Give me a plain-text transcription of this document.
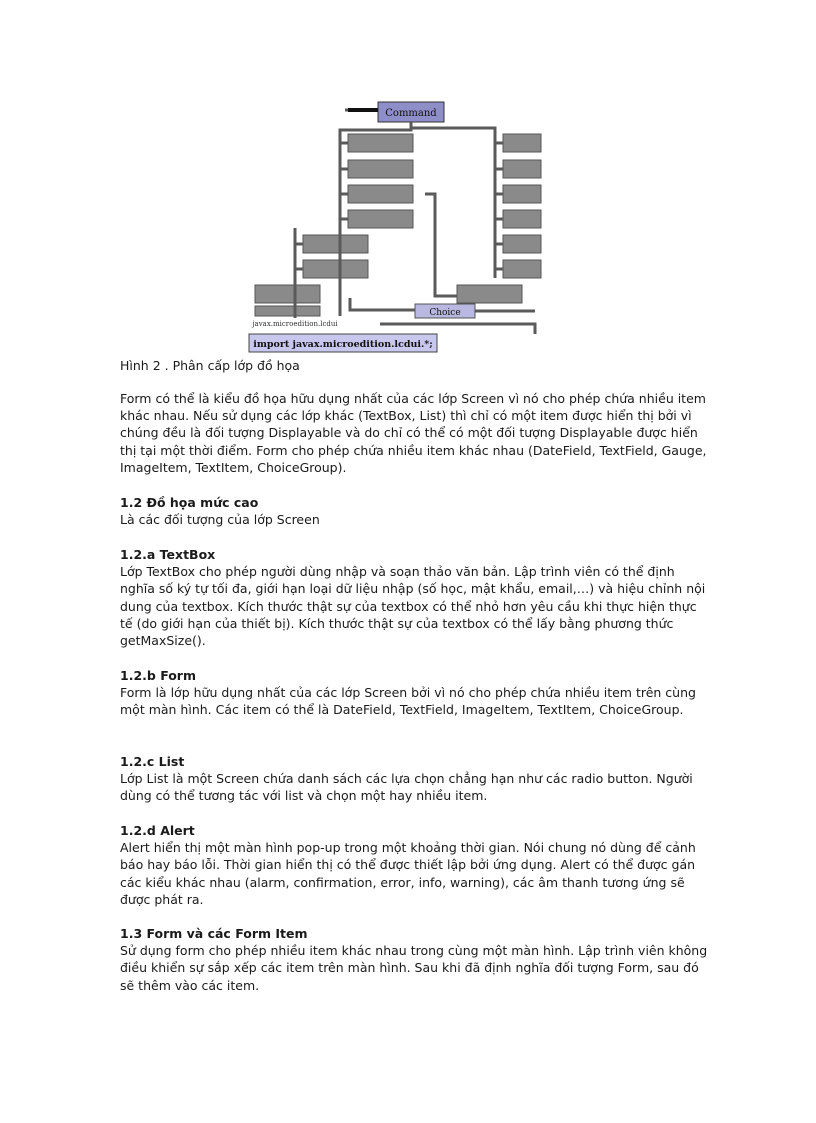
Command
Choice
javax.microedition.lcdui
import javax.microedition.lcdui.*;
Hình 2 . Phân cấp lớp đồ họa

Form có thể là kiểu đồ họa hữu dụng nhất của các lớp Screen vì nó cho phép chứa nhiều item khác nhau. Nếu sử dụng các lớp khác (TextBox, List) thì chỉ có một item được hiển thị bởi vì chúng đều là đối tượng Displayable và do chỉ có thể có một đối tượng Displayable được hiển thị tại một thời điểm. Form cho phép chứa nhiều item khác nhau (DateField, TextField, Gauge, ImageItem, TextItem, ChoiceGroup).

1.2 Đồ họa mức cao

Là các đối tượng của lớp Screen

1.2.a TextBox

Lớp TextBox cho phép người dùng nhập và soạn thảo văn bản. Lập trình viên có thể định nghĩa số ký tự tối đa, giới hạn loại dữ liệu nhập (số học, mật khẩu, email,…) và hiệu chỉnh nội dung của textbox. Kích thước thật sự của textbox có thể nhỏ hơn yêu cầu khi thực hiện thực tế (do giới hạn của thiết bị). Kích thước thật sự của textbox có thể lấy bằng phương thức getMaxSize().

1.2.b Form

Form là lớp hữu dụng nhất của các lớp Screen bởi vì nó cho phép chứa nhiều item trên cùng một màn hình. Các item có thể là DateField, TextField, ImageItem, TextItem, ChoiceGroup.

1.2.c List

Lớp List là một Screen chứa danh sách các lựa chọn chẳng hạn như các radio button. Người dùng có thể tương tác với list và chọn một hay nhiều item.

1.2.d Alert

Alert hiển thị một màn hình pop-up trong một khoảng thời gian. Nói chung nó dùng để cảnh báo hay báo lỗi. Thời gian hiển thị có thể được thiết lập bởi ứng dụng. Alert có thể được gán các kiểu khác nhau (alarm, confirmation, error, info, warning), các âm thanh tương ứng sẽ được phát ra.

1.3 Form và các Form Item

Sử dụng form cho phép nhiều item khác nhau trong cùng một màn hình. Lập trình viên không điều khiển sự sắp xếp các item trên màn hình. Sau khi đã định nghĩa đối tượng Form, sau đó sẽ thêm vào các item.
